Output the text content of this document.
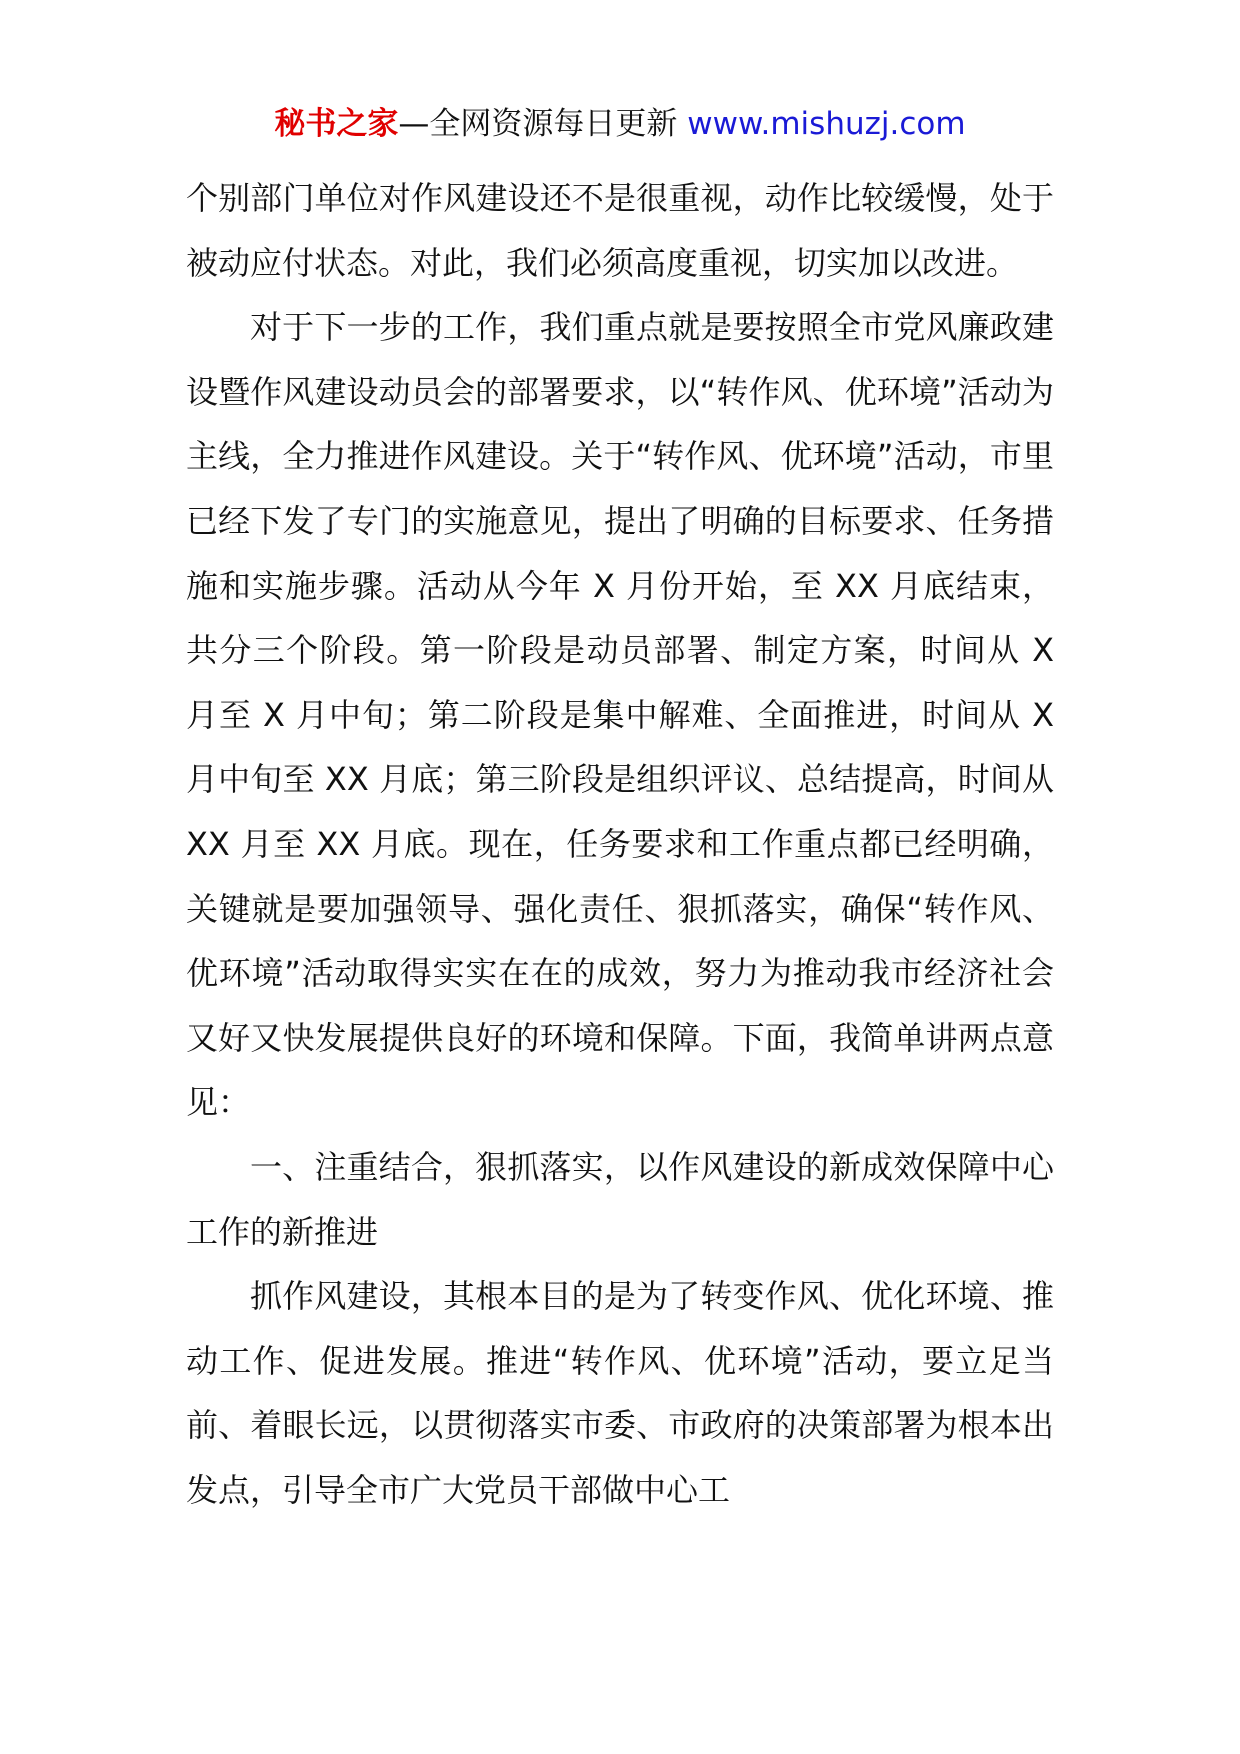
秘书之家—全网资源每日更新 www.mishuzj.com

个别部门单位对作风建设还不是很重视，动作比较缓慢，处于被动应付状态。对此，我们必须高度重视，切实加以改进。

对于下一步的工作，我们重点就是要按照全市党风廉政建设暨作风建设动员会的部署要求，以“转作风、优环境”活动为主线，全力推进作风建设。关于“转作风、优环境”活动，市里已经下发了专门的实施意见，提出了明确的目标要求、任务措施和实施步骤。活动从今年 X 月份开始，至 XX 月底结束，共分三个阶段。第一阶段是动员部署、制定方案，时间从 X 月至 X 月中旬；第二阶段是集中解难、全面推进，时间从 X 月中旬至 XX 月底；第三阶段是组织评议、总结提高，时间从 XX 月至 XX 月底。现在，任务要求和工作重点都已经明确，关键就是要加强领导、强化责任、狠抓落实，确保“转作风、优环境”活动取得实实在在的成效，努力为推动我市经济社会又好又快发展提供良好的环境和保障。下面，我简单讲两点意见：

一、注重结合，狠抓落实，以作风建设的新成效保障中心工作的新推进

抓作风建设，其根本目的是为了转变作风、优化环境、推动工作、促进发展。推进“转作风、优环境”活动，要立足当前、着眼长远，以贯彻落实市委、市政府的决策部署为根本出发点，引导全市广大党员干部做中心工
